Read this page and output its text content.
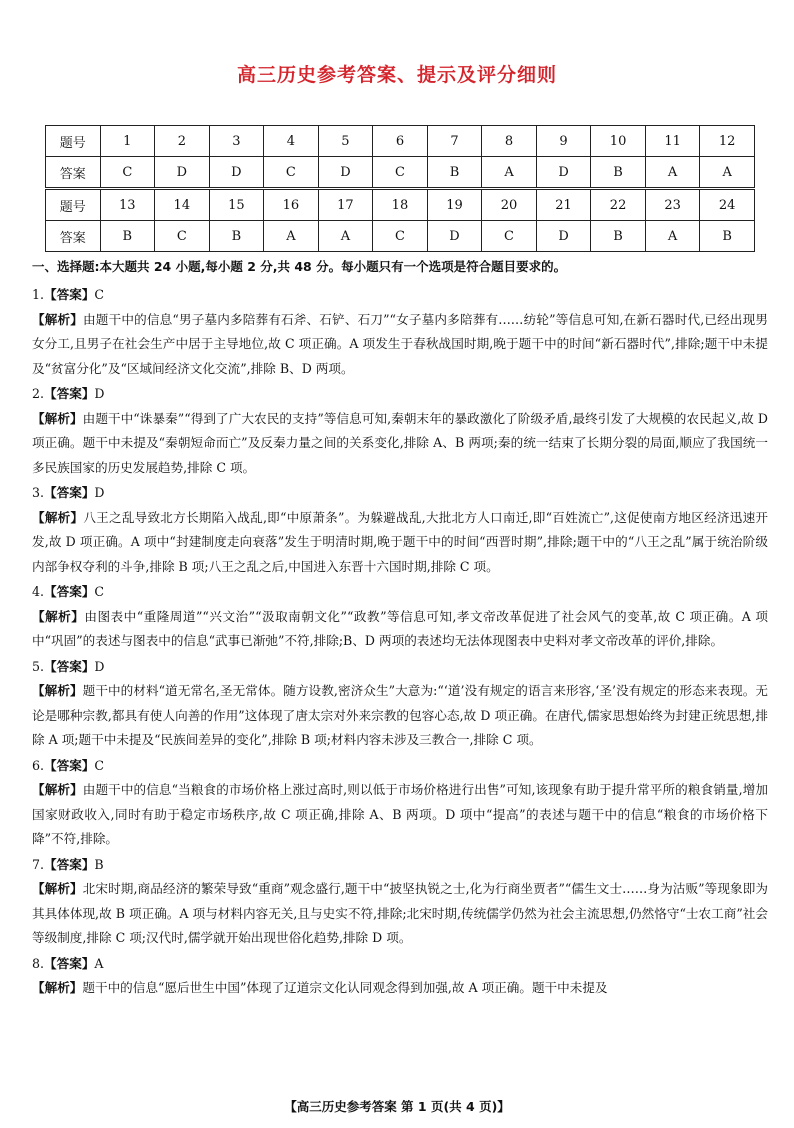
高三历史参考答案、提示及评分细则
题号	1	2	3	4	5	6	7	8	9	10	11	12
答案	C	D	D	C	D	C	B	A	D	B	A	A
题号	13	14	15	16	17	18	19	20	21	22	23	24
答案	B	C	B	A	A	C	D	C	D	B	A	B
一、选择题:本大题共 24 小题,每小题 2 分,共 48 分。每小题只有一个选项是符合题目要求的。

1.【答案】C

【解析】由题干中的信息“男子墓内多陪葬有石斧、石铲、石刀”“女子墓内多陪葬有……纺轮”等信息可知,在新石器时代,已经出现男女分工,且男子在社会生产中居于主导地位,故 C 项正确。A 项发生于春秋战国时期,晚于题干中的时间“新石器时代”,排除;题干中未提及“贫富分化”及“区域间经济文化交流”,排除 B、D 两项。

2.【答案】D

【解析】由题干中“诛暴秦”“得到了广大农民的支持”等信息可知,秦朝末年的暴政激化了阶级矛盾,最终引发了大规模的农民起义,故 D 项正确。题干中未提及“秦朝短命而亡”及反秦力量之间的关系变化,排除 A、B 两项;秦的统一结束了长期分裂的局面,顺应了我国统一多民族国家的历史发展趋势,排除 C 项。

3.【答案】D

【解析】八王之乱导致北方长期陷入战乱,即“中原萧条”。为躲避战乱,大批北方人口南迁,即“百姓流亡”,这促使南方地区经济迅速开发,故 D 项正确。A 项中“封建制度走向衰落”发生于明清时期,晚于题干中的时间“西晋时期”,排除;题干中的“八王之乱”属于统治阶级内部争权夺利的斗争,排除 B 项;八王之乱之后,中国进入东晋十六国时期,排除 C 项。

4.【答案】C

【解析】由图表中“重隆周道”“兴文治”“汲取南朝文化”“政教”等信息可知,孝文帝改革促进了社会风气的变革,故 C 项正确。A 项中“巩固”的表述与图表中的信息“武事已渐弛”不符,排除;B、D 两项的表述均无法体现图表中史料对孝文帝改革的评价,排除。

5.【答案】D

【解析】题干中的材料“道无常名,圣无常体。随方设教,密济众生”大意为:“‘道’没有规定的语言来形容,‘圣’没有规定的形态来表现。无论是哪种宗教,都具有使人向善的作用”这体现了唐太宗对外来宗教的包容心态,故 D 项正确。在唐代,儒家思想始终为封建正统思想,排除 A 项;题干中未提及“民族间差异的变化”,排除 B 项;材料内容未涉及三教合一,排除 C 项。

6.【答案】C

【解析】由题干中的信息“当粮食的市场价格上涨过高时,则以低于市场价格进行出售”可知,该现象有助于提升常平所的粮食销量,增加国家财政收入,同时有助于稳定市场秩序,故 C 项正确,排除 A、B 两项。D 项中“提高”的表述与题干中的信息“粮食的市场价格下降”不符,排除。

7.【答案】B

【解析】北宋时期,商品经济的繁荣导致“重商”观念盛行,题干中“披坚执锐之士,化为行商坐贾者”“儒生文士……身为沽贩”等现象即为其具体体现,故 B 项正确。A 项与材料内容无关,且与史实不符,排除;北宋时期,传统儒学仍然为社会主流思想,仍然恪守“士农工商”社会等级制度,排除 C 项;汉代时,儒学就开始出现世俗化趋势,排除 D 项。

8.【答案】A

【解析】题干中的信息“愿后世生中国”体现了辽道宗文化认同观念得到加强,故 A 项正确。题干中未提及

【高三历史参考答案 第 1 页(共 4 页)】
